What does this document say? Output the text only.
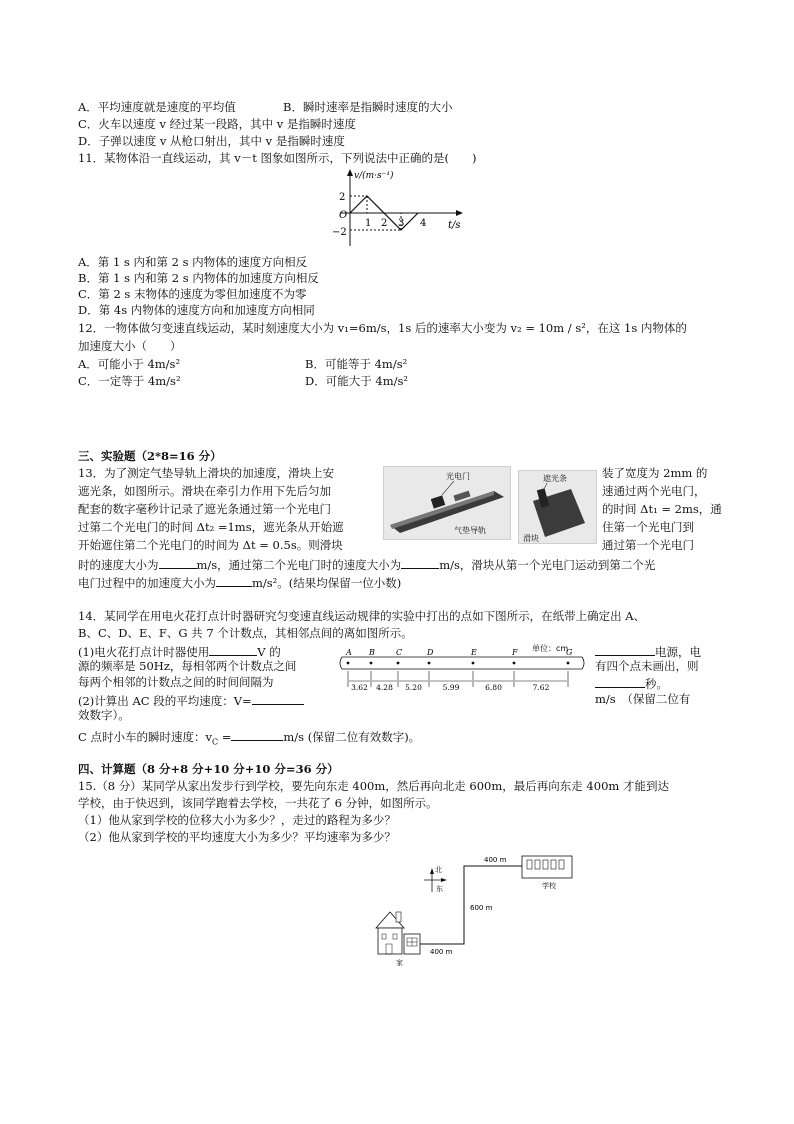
A．平均速度就是速度的平均值	B．瞬时速率是指瞬时速度的大小
C．火车以速度 v 经过某一段路，其中 v 是指瞬时速度
D．子弹以速度 v 从枪口射出，其中 v 是指瞬时速度
11．某物体沿一直线运动，其 v－t 图象如图所示，下列说法中正确的是(　　)
v/(m·s⁻¹)
t/s
2
−2
O
1 2 3 4
A．第 1 s 内和第 2 s 内物体的速度方向相反
B．第 1 s 内和第 2 s 内物体的加速度方向相反
C．第 2 s 末物体的速度为零但加速度不为零
D．第 4s 内物体的速度方向和加速度方向相同
12．一物体做匀变速直线运动，某时刻速度大小为 v₁=6m/s，1s 后的速率大小变为 v₂ = 10m / s²，在这 1s 内物体的
加速度大小（　　）
A．可能小于 4m/s²	B．可能等于 4m/s²
C．一定等于 4m/s²	D．可能大于 4m/s²
三、实验题（2*8=16 分）
13．为了测定气垫导轨上滑块的加速度，滑块上安
遮光条，如图所示。滑块在牵引力作用下先后匀加
配套的数字毫秒计记录了遮光条通过第一个光电门
过第二个光电门的时间 Δt₂ =1ms，遮光条从开始遮
开始遮住第二个光电门的时间为 Δt = 0.5s。则滑块
装了宽度为 2mm 的
速通过两个光电门，
的时间 Δt₁ = 2ms，通
住第一个光电门到
通过第一个光电门
光电门
气垫导轨
遮光条
滑块
时的速度大小为	m/s，通过第二个光电门时的速度大小为	m/s，滑块从第一个光电门运动到第二个光
电门过程中的加速度大小为	m/s²。(结果均保留一位小数)
14．某同学在用电火花打点计时器研究匀变速直线运动规律的实验中打出的点如下图所示，在纸带上确定出 A、
B、C、D、E、F、G 共 7 个计数点，其相邻点间的离如图所示。
(1)电火花打点计时器使用	V 的
源的频率是 50Hz，每相邻两个计数点之间
每两个相邻的计数点之间的时间间隔为
(2)计算出 AC 段的平均速度：V=
效数字）。
电源，电
有四个点未画出，则
秒。
m/s　（保留二位有
单位：cm
A B	C	D	E	F	G
3.62 4.28 5.20	5.99	6.80	7.62
C 点时小车的瞬时速度：$v_C$ =	m/s (保留二位有效数字)。
四、计算题（8 分+8 分+10 分+10 分=36 分）
15.（8 分）某同学从家出发步行到学校，要先向东走 400m，然后再向北走 600m，最后再向东走 400m 才能到达
学校，由于快迟到，该同学跑着去学校，一共花了 6 分钟，如图所示。
（1）他从家到学校的位移大小为多少？，走过的路程为多少？
（2）他从家到学校的平均速度大小为多少？平均速率为多少？
北
东
400 m
600 m
400 m
学校
家
